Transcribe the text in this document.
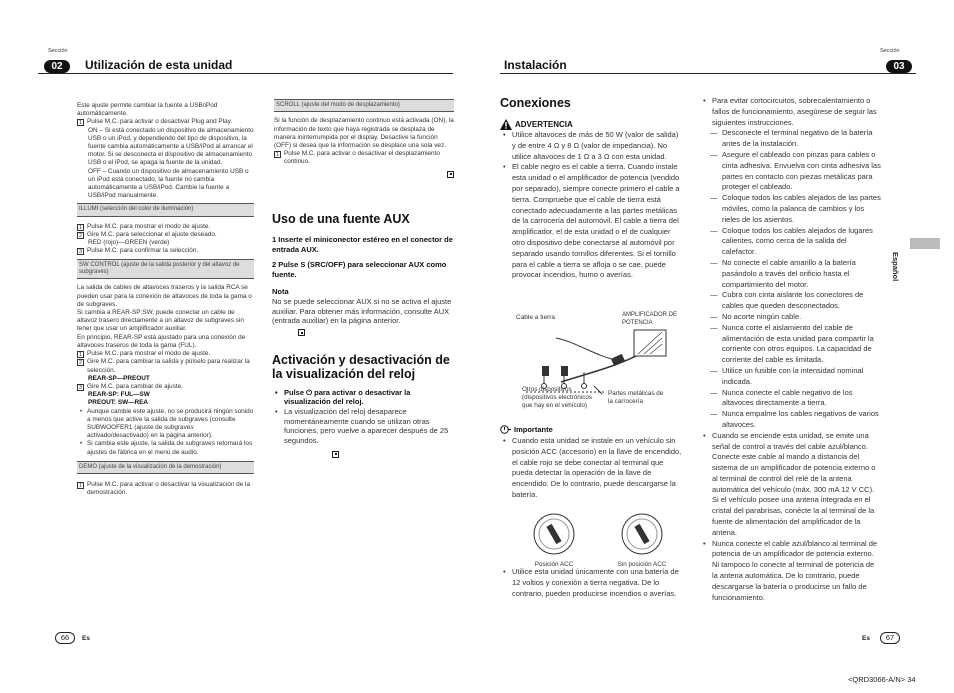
Sección
02	Utilización de esta unidad
Sección
03
Instalación
Este ajuste permite cambiar la fuente a USB/iPod automáticamente.
1 Pulse M.C. para activar o desactivar Plug and Play.
ON – Si está conectado un dispositivo de almacenamiento USB o un iPod, y dependiendo del tipo de dispositivo, la fuente cambia automáticamente a USB/iPod al arrancar el motor. Si se desconecta el dispositivo de almacenamiento USB o el iPod, se apaga la fuente de la unidad.
OFF – Cuando un dispositivo de almacenamiento USB o un iPod está conectado, la fuente no cambia automáticamente a USB/iPod. Cambie la fuente a USB/iPod manualmente.
ILLUMI (selección del color de iluminación)
1 Pulse M.C. para mostrar el modo de ajuste.
2 Gire M.C. para seleccionar el ajuste deseado.
RED (rojo)—GREEN (verde)
3 Pulse M.C. para confirmar la selección.
SW CONTROL (ajuste de la salida posterior y del altavoz de subgraves)
La salida de cables de altavoces traseros y la salida RCA se pueden usar para la conexión de altavoces de toda la gama o de subgraves.
Si cambia a REAR-SP:SW, puede conectar un cable de altavoz trasero directamente a un altavoz de subgraves sin tener que usar un amplificador auxiliar.
En principio, REAR-SP está ajustado para una conexión de altavoces traseros de toda la gama (FUL).
1 Pulse M.C. para mostrar el modo de ajuste.
2 Gire M.C. para cambiar la salida y púlselo para realizar la selección.
REAR-SP—PREOUT
3 Gire M.C. para cambiar de ajuste.
REAR-SP: FUL—SW
PREOUT: SW—REA
• Aunque cambie este ajuste, no se producirá ningún sonido a menos que active la salida de subgraves (consulte SUBWOOFER1 (ajuste de subgraves activado/desactivado) en la página anterior).
• Si cambia este ajuste, la salida de subgraves retomará los ajustes de fábrica en el menú de audio.
DEMO (ajuste de la visualización de la demostración)
1 Pulse M.C. para activar o desactivar la visualización de la demostración.
SCROLL (ajuste del modo de desplazamiento)
Si la función de desplazamiento continuo está activada (ON), la información de texto que haya registrada se desplaza de manera ininterrumpida por el display. Desactive la función (OFF) si desea que la información se desplace una sola vez.
1 Pulse M.C. para activar o desactivar el desplazamiento continuo.
Uso de una fuente AUX
1 Inserte el miniconector estéreo en el conector de entrada AUX.
2 Pulse S (SRC/OFF) para seleccionar AUX como fuente.
Nota
No se puede seleccionar AUX si no se activa el ajuste auxiliar. Para obtener más información, consulte AUX (entrada auxiliar) en la página anterior.
Activación y desactivación de la visualización del reloj
• Pulse ⏻ para activar o desactivar la visualización del reloj.
• La visualización del reloj desaparece momentáneamente cuando se utilizan otras funciones, pero vuelve a aparecer después de 25 segundos.
Conexiones
ADVERTENCIA
• Utilice altavoces de más de 50 W (valor de salida) y de entre 4 Ω y 8 Ω (valor de impedancia). No utilice altavoces de 1 Ω a 3 Ω con esta unidad.
• El cable negro es el cable a tierra. Cuando instale esta unidad o el amplificador de potencia (vendido por separado), siempre conecte primero el cable a tierra. Compruebe que el cable de tierra está conectado adecuadamente a las partes metálicas de la carrocería del automóvil. El cable a tierra del amplificador, el de esta unidad o el de cualquier otro dispositivo debe conectarse al automóvil por separado usando tornillos diferentes. Si el tornillo para el cable a tierra se afloja o se cae, puede provocar incendios, humo o averías.
Cable a tierra	AMPLIFICADOR DE POTENCIA
Otros dispositivos (dispositivos electrónicos que hay en el vehículo)
Partes metálicas de la carrocería
Importante
• Cuando esta unidad se instale en un vehículo sin posición ACC (accesorio) en la llave de encendido, el cable rojo se debe conectar al terminal que pueda detectar la operación de la llave de encendido. De lo contrario, puede descargarse la batería.
Posición ACC	Sin posición ACC
• Utilice esta unidad únicamente con una batería de 12 voltios y conexión a tierra negativa. De lo contrario, pueden producirse incendios o averías.
• Para evitar cortocircuitos, sobrecalentamiento o fallos de funcionamiento, asegúrese de seguir las siguientes instrucciones.
— Desconecte el terminal negativo de la batería antes de la instalación.
— Asegure el cableado con pinzas para cables o cinta adhesiva. Envuelva con cinta adhesiva las partes en contacto con piezas metálicas para proteger el cableado.
— Coloque todos los cables alejados de las partes móviles, como la palanca de cambios y los rieles de los asientos.
— Coloque todos los cables alejados de lugares calientes, como cerca de la salida del calefactor.
— No conecte el cable amarillo a la batería pasándolo a través del orificio hasta el compartimiento del motor.
— Cubra con cinta aislante los conectores de cables que queden desconectados.
— No acorte ningún cable.
— Nunca corte el aislamiento del cable de alimentación de esta unidad para compartir la corriente con otros equipos. La capacidad de corriente del cable es limitada.
— Utilice un fusible con la intensidad nominal indicada.
— Nunca conecte el cable negativo de los altavoces directamente a tierra.
— Nunca empalme los cables negativos de varios altavoces.
• Cuando se enciende esta unidad, se emite una señal de control a través del cable azul/blanco. Conecte este cable al mando a distancia del sistema de un amplificador de potencia externo o al terminal de control del relé de la antena automática del vehículo (máx. 300 mA 12 V CC). Si el vehículo posee una antena integrada en el cristal del parabrisas, conécte la al terminal de la fuente de alimentación del amplificador de la antena.
• Nunca conecte el cable azul/blanco al terminal de potencia de un amplificador de potencia externo. Ni tampoco lo conecte al terminal de potencia de la antena automática. De lo contrario, puede descargarse la batería o producirse un fallo de funcionamiento.
Español
66	Es	Es	67
<QRD3066-A/N> 34
